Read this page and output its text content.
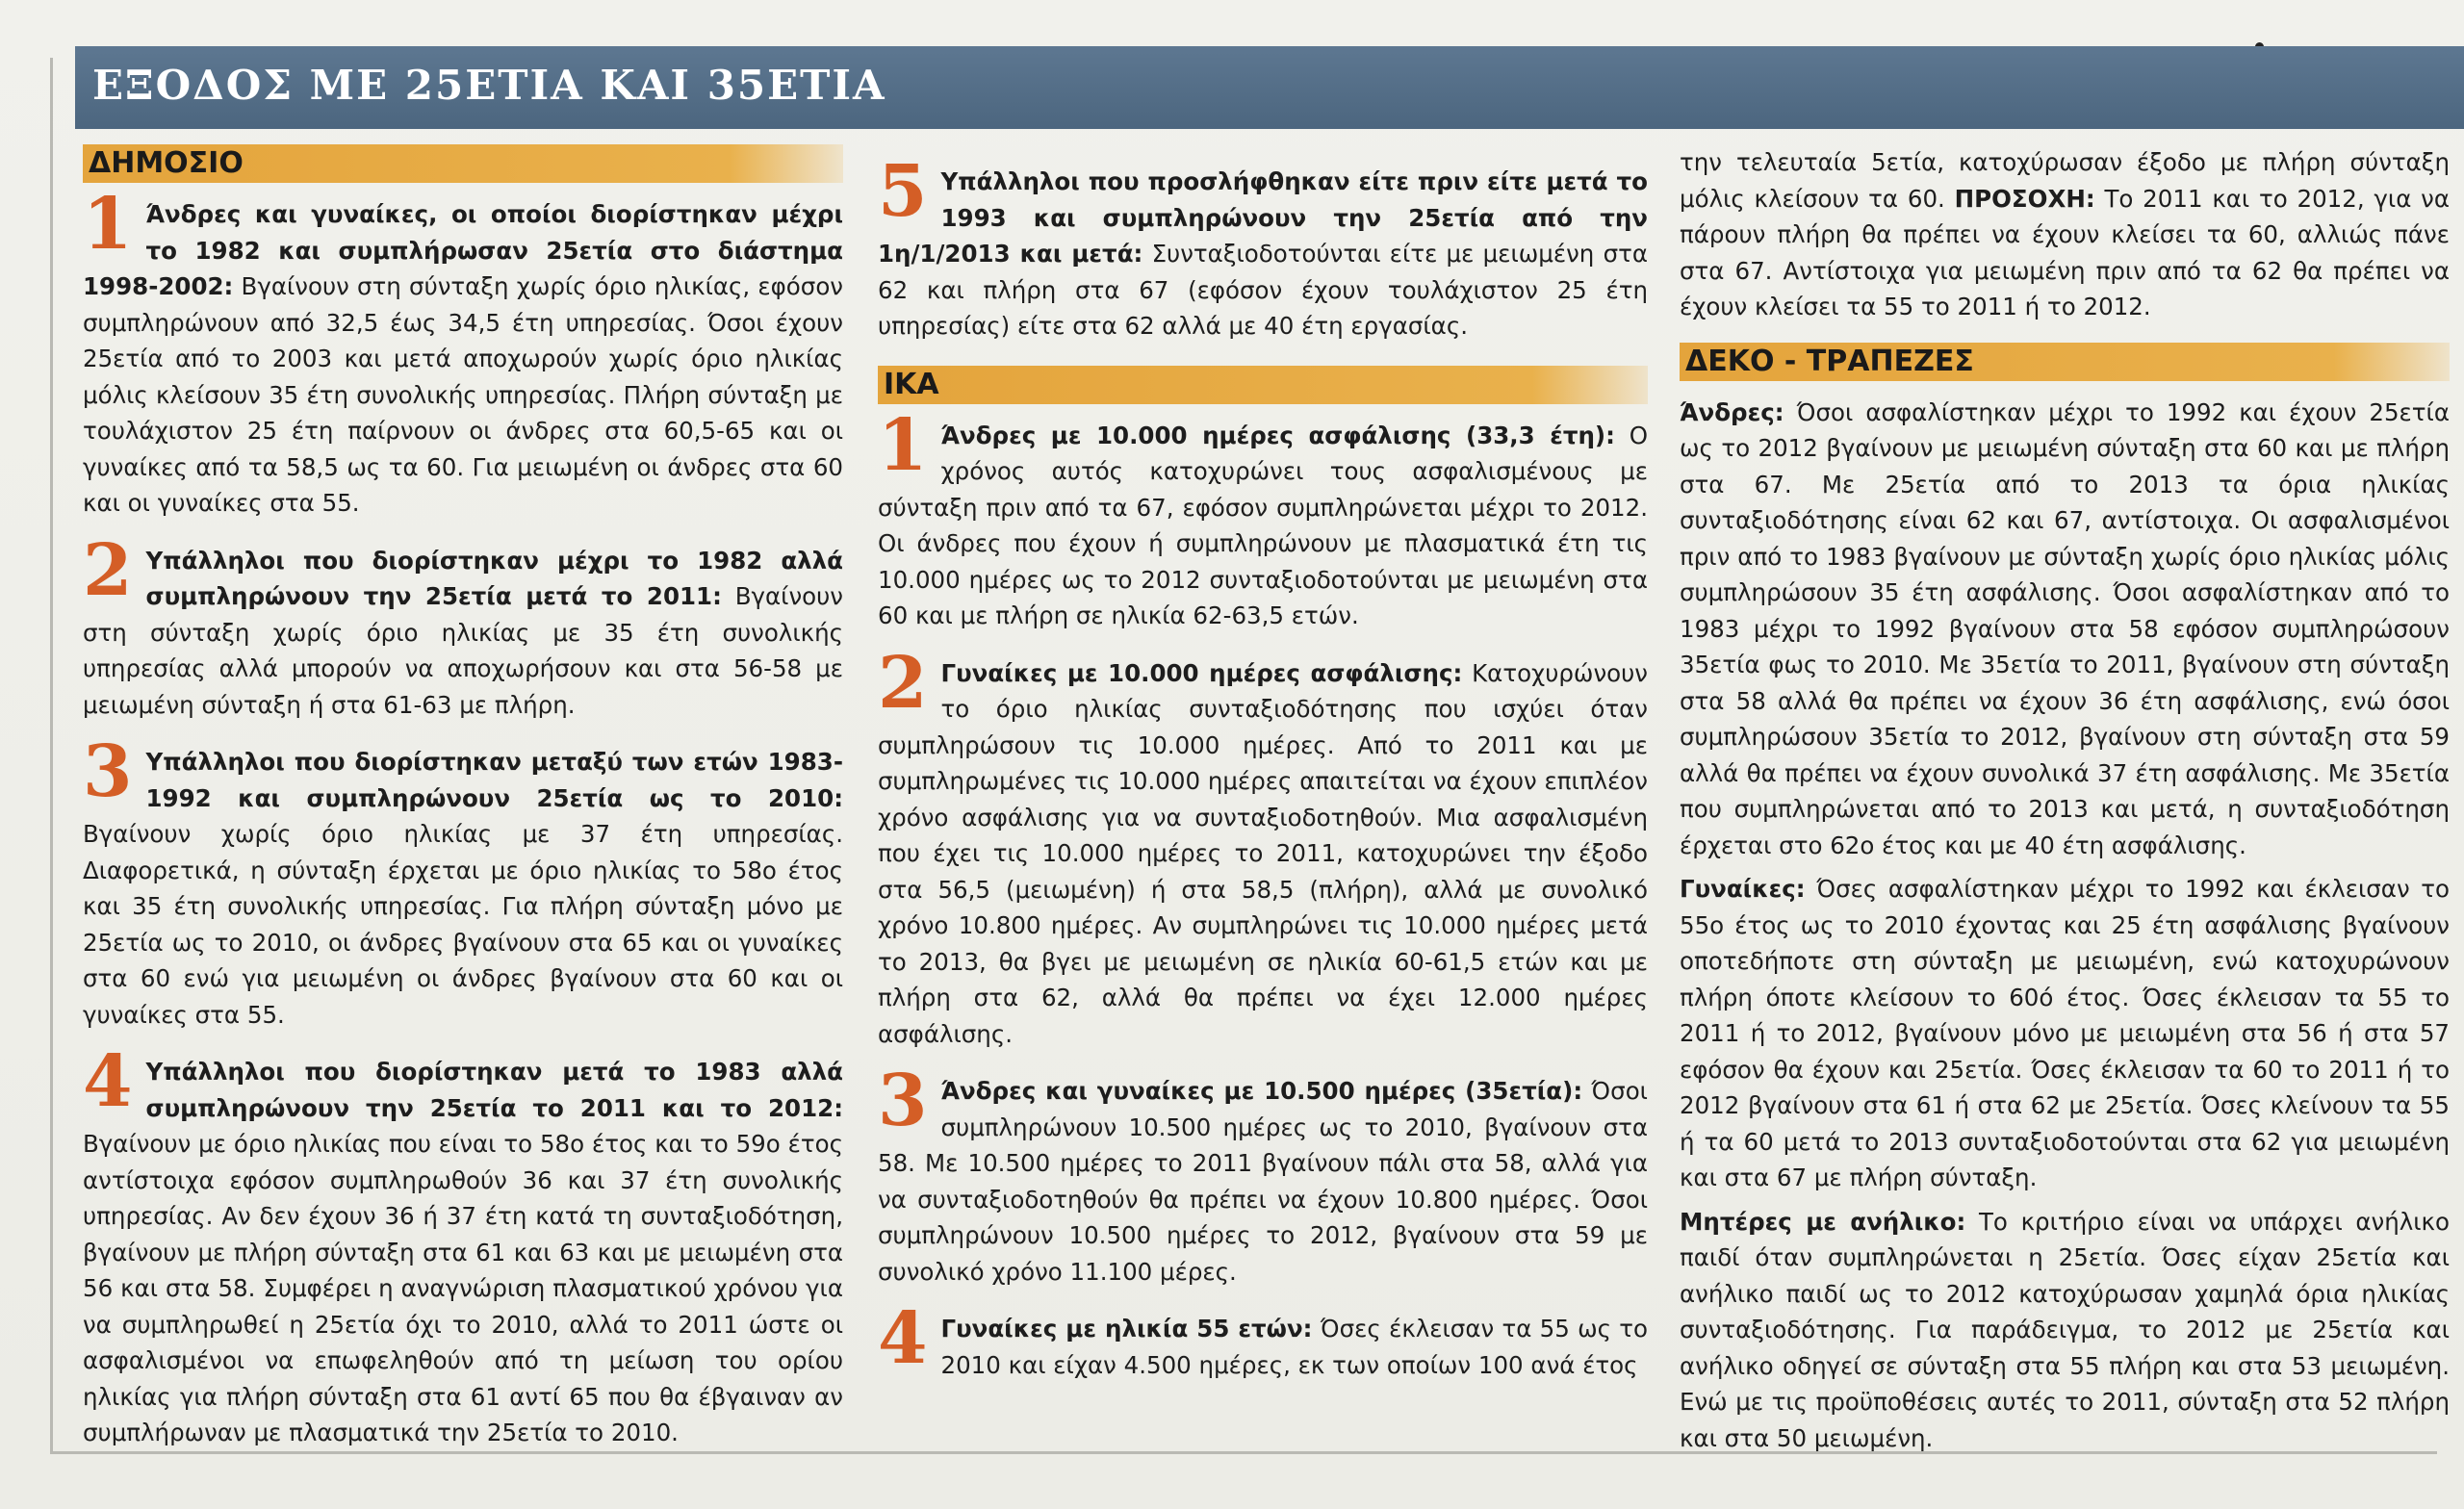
ΕΞΟΔΟΣ ΜΕ 25ΕΤΙΑ ΚΑΙ 35ΕΤΙΑ
ΔΗΜΟΣΙΟ
1 Άνδρες και γυναίκες, οι οποίοι διορίστηκαν μέχρι το 1982 και συμπλήρωσαν 25ετία στο διάστημα 1998-2002: Βγαίνουν στη σύνταξη χωρίς όριο ηλικίας, εφόσον συμπληρώνουν από 32,5 έως 34,5 έτη υπηρεσίας. Όσοι έχουν 25ετία από το 2003 και μετά αποχωρούν χωρίς όριο ηλικίας μόλις κλείσουν 35 έτη συνολικής υπηρεσίας. Πλήρη σύνταξη με τουλάχιστον 25 έτη παίρνουν οι άνδρες στα 60,5-65 και οι γυναίκες από τα 58,5 ως τα 60. Για μειωμένη οι άνδρες στα 60 και οι γυναίκες στα 55.
2 Υπάλληλοι που διορίστηκαν μέχρι το 1982 αλλά συμπληρώνουν την 25ετία μετά το 2011: Βγαίνουν στη σύνταξη χωρίς όριο ηλικίας με 35 έτη συνολικής υπηρεσίας αλλά μπορούν να αποχωρήσουν και στα 56-58 με μειωμένη σύνταξη ή στα 61-63 με πλήρη.
3 Υπάλληλοι που διορίστηκαν μεταξύ των ετών 1983-1992 και συμπληρώνουν 25ετία ως το 2010: Βγαίνουν χωρίς όριο ηλικίας με 37 έτη υπηρεσίας. Διαφορετικά, η σύνταξη έρχεται με όριο ηλικίας το 58ο έτος και 35 έτη συνολικής υπηρεσίας. Για πλήρη σύνταξη μόνο με 25ετία ως το 2010, οι άνδρες βγαίνουν στα 65 και οι γυναίκες στα 60 ενώ για μειωμένη οι άνδρες βγαίνουν στα 60 και οι γυναίκες στα 55.
4 Υπάλληλοι που διορίστηκαν μετά το 1983 αλλά συμπληρώνουν την 25ετία το 2011 και το 2012: Βγαίνουν με όριο ηλικίας που είναι το 58ο έτος και το 59ο έτος αντίστοιχα εφόσον συμπληρωθούν 36 και 37 έτη συνολικής υπηρεσίας. Αν δεν έχουν 36 ή 37 έτη κατά τη συνταξιοδότηση, βγαίνουν με πλήρη σύνταξη στα 61 και 63 και με μειωμένη στα 56 και στα 58. Συμφέρει η αναγνώριση πλασματικού χρόνου για να συμπληρωθεί η 25ετία όχι το 2010, αλλά το 2011 ώστε οι ασφαλισμένοι να επωφεληθούν από τη μείωση του ορίου ηλικίας για πλήρη σύνταξη στα 61 αντί 65 που θα έβγαιναν αν συμπλήρωναν με πλασματικά την 25ετία το 2010.
5 Υπάλληλοι που προσλήφθηκαν είτε πριν είτε μετά το 1993 και συμπληρώνουν την 25ετία από την 1η/1/2013 και μετά: Συνταξιοδοτούνται είτε με μειωμένη στα 62 και πλήρη στα 67 (εφόσον έχουν τουλάχιστον 25 έτη υπηρεσίας) είτε στα 62 αλλά με 40 έτη εργασίας.
ΙΚΑ
1 Άνδρες με 10.000 ημέρες ασφάλισης (33,3 έτη): Ο χρόνος αυτός κατοχυρώνει τους ασφαλισμένους με σύνταξη πριν από τα 67, εφόσον συμπληρώνεται μέχρι το 2012. Οι άνδρες που έχουν ή συμπληρώνουν με πλασματικά έτη τις 10.000 ημέρες ως το 2012 συνταξιοδοτούνται με μειωμένη στα 60 και με πλήρη σε ηλικία 62-63,5 ετών.
2 Γυναίκες με 10.000 ημέρες ασφάλισης: Κατοχυρώνουν το όριο ηλικίας συνταξιοδότησης που ισχύει όταν συμπληρώσουν τις 10.000 ημέρες. Από το 2011 και με συμπληρωμένες τις 10.000 ημέρες απαιτείται να έχουν επιπλέον χρόνο ασφάλισης για να συνταξιοδοτηθούν. Μια ασφαλισμένη που έχει τις 10.000 ημέρες το 2011, κατοχυρώνει την έξοδο στα 56,5 (μειωμένη) ή στα 58,5 (πλήρη), αλλά με συνολικό χρόνο 10.800 ημέρες. Αν συμπληρώνει τις 10.000 ημέρες μετά το 2013, θα βγει με μειωμένη σε ηλικία 60-61,5 ετών και με πλήρη στα 62, αλλά θα πρέπει να έχει 12.000 ημέρες ασφάλισης.
3 Άνδρες και γυναίκες με 10.500 ημέρες (35ετία): Όσοι συμπληρώνουν 10.500 ημέρες ως το 2010, βγαίνουν στα 58. Με 10.500 ημέρες το 2011 βγαίνουν πάλι στα 58, αλλά για να συνταξιοδοτηθούν θα πρέπει να έχουν 10.800 ημέρες. Όσοι συμπληρώνουν 10.500 ημέρες το 2012, βγαίνουν στα 59 με συνολικό χρόνο 11.100 μέρες.
4 Γυναίκες με ηλικία 55 ετών: Όσες έκλεισαν τα 55 ως το 2010 και είχαν 4.500 ημέρες, εκ των οποίων 100 ανά έτος

την τελευταία 5ετία, κατοχύρωσαν έξοδο με πλήρη σύνταξη μόλις κλείσουν τα 60. ΠΡΟΣΟΧΗ: Το 2011 και το 2012, για να πάρουν πλήρη θα πρέπει να έχουν κλείσει τα 60, αλλιώς πάνε στα 67. Αντίστοιχα για μειωμένη πριν από τα 62 θα πρέπει να έχουν κλείσει τα 55 το 2011 ή το 2012.

ΔΕΚΟ - ΤΡΑΠΕΖΕΣ

Άνδρες: Όσοι ασφαλίστηκαν μέχρι το 1992 και έχουν 25ετία ως το 2012 βγαίνουν με μειωμένη σύνταξη στα 60 και με πλήρη στα 67. Με 25ετία από το 2013 τα όρια ηλικίας συνταξιοδότησης είναι 62 και 67, αντίστοιχα. Οι ασφαλισμένοι πριν από το 1983 βγαίνουν με σύνταξη χωρίς όριο ηλικίας μόλις συμπληρώσουν 35 έτη ασφάλισης. Όσοι ασφαλίστηκαν από το 1983 μέχρι το 1992 βγαίνουν στα 58 εφόσον συμπληρώσουν 35ετία φως το 2010. Με 35ετία το 2011, βγαίνουν στη σύνταξη στα 58 αλλά θα πρέπει να έχουν 36 έτη ασφάλισης, ενώ όσοι συμπληρώσουν 35ετία το 2012, βγαίνουν στη σύνταξη στα 59 αλλά θα πρέπει να έχουν συνολικά 37 έτη ασφάλισης. Με 35ετία που συμπληρώνεται από το 2013 και μετά, η συνταξιοδότηση έρχεται στο 62ο έτος και με 40 έτη ασφάλισης.

Γυναίκες: Όσες ασφαλίστηκαν μέχρι το 1992 και έκλεισαν το 55ο έτος ως το 2010 έχοντας και 25 έτη ασφάλισης βγαίνουν οποτεδήποτε στη σύνταξη με μειωμένη, ενώ κατοχυρώνουν πλήρη όποτε κλείσουν το 60ό έτος. Όσες έκλεισαν τα 55 το 2011 ή το 2012, βγαίνουν μόνο με μειωμένη στα 56 ή στα 57 εφόσον θα έχουν και 25ετία. Όσες έκλεισαν τα 60 το 2011 ή το 2012 βγαίνουν στα 61 ή στα 62 με 25ετία. Όσες κλείνουν τα 55 ή τα 60 μετά το 2013 συνταξιοδοτούνται στα 62 για μειωμένη και στα 67 με πλήρη σύνταξη.

Μητέρες με ανήλικο: Το κριτήριο είναι να υπάρχει ανήλικο παιδί όταν συμπληρώνεται η 25ετία. Όσες είχαν 25ετία και ανήλικο παιδί ως το 2012 κατοχύρωσαν χαμηλά όρια ηλικίας συνταξιοδότησης. Για παράδειγμα, το 2012 με 25ετία και ανήλικο οδηγεί σε σύνταξη στα 55 πλήρη και στα 53 μειωμένη. Ενώ με τις προϋποθέσεις αυτές το 2011, σύνταξη στα 52 πλήρη και στα 50 μειωμένη.
